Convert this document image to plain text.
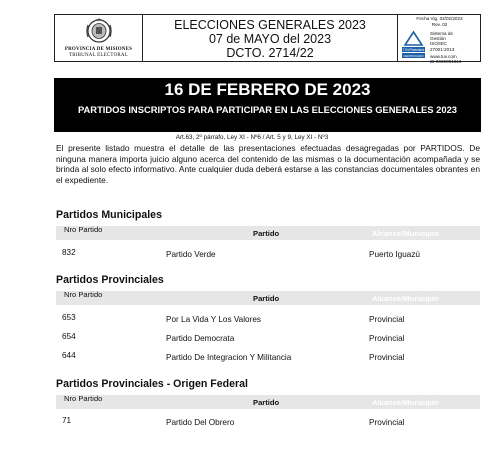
PROVINCIA DE MISIONES
TRIBUNAL ELECTORAL
ELECCIONES GENERALES 2023
07 de MAYO del 2023
DCTO. 2714/22
Fecha Vig. 02/02/2023
Rev. 02
TÜVRheinland
CERTIFICADO
Sistema de
Gestión
ISO/IEC
27001:2013
www.tuv.com
ID 9000001016
16 DE FEBRERO DE 2023
PARTIDOS INSCRIPTOS PARA PARTICIPAR EN LAS ELECCIONES GENERALES 2023
Art.63, 2º párrafo, Ley XI - Nº6 / Art. 5 y 9, Ley XI - Nº3
El presente listado muestra el detalle de las presentaciones efectuadas desagregadas por PARTIDOS. De ninguna manera importa juicio alguno acerca del contenido de las mismas o la documentación acompañada y se brinda al solo efecto informativo. Ante cualquier duda deberá estarse a las constancias documentales obrantes en el expediente.
Partidos Municipales
Nro Partido	Partido	Alcance/Municipio
832	Partido Verde	Puerto Iguazú
Partidos Provinciales
Nro Partido	Partido	Alcance/Municipio
653	Por La Vida Y Los Valores	Provincial
654	Partido Democrata	Provincial
644	Partido De Integracion Y Militancia	Provincial
Partidos Provinciales - Origen Federal
Nro Partido	Partido	Alcance/Municipio
71	Partido Del Obrero	Provincial
